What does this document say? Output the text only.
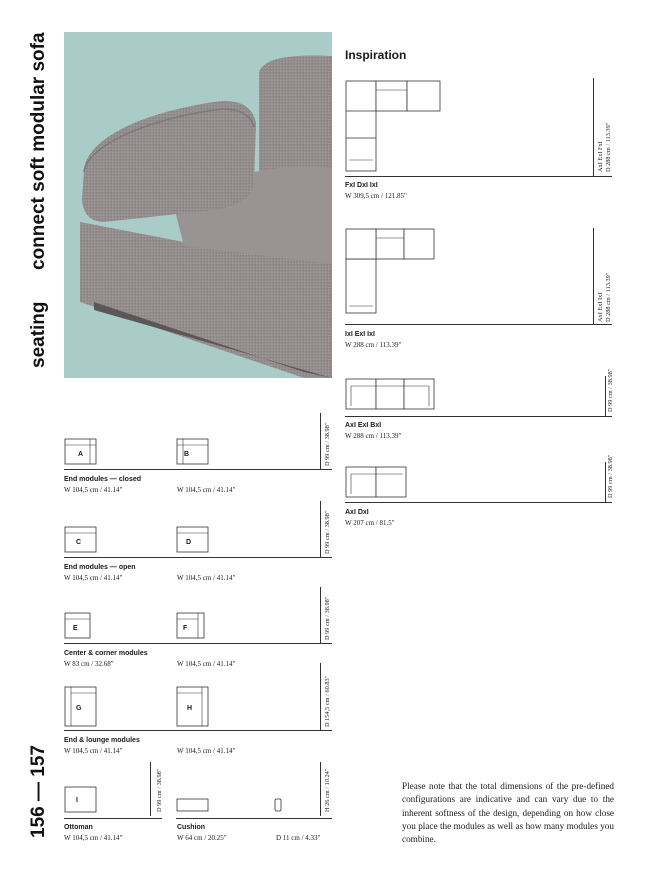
seating
connect soft modular sofa
156 — 157
Inspiration
AxI ExI FxI D 288 cm / 113.39"
FxI DxI IxI
W 309,5 cm / 121.85"
AxI ExI IxI D 288 cm / 113.39"
IxI ExI IxI
W 288 cm / 113.39"
D 99 cm / 38.98"
AxI ExI BxI
W 288 cm / 113.39"
D 99 cm / 38.98"
AxI DxI
W 207 cm / 81.5"
A	B	D 99 cm / 38.98"
End modules — closed
W 104,5 cm / 41.14"	W 104,5 cm / 41.14"
C	D	D 99 cm / 38.98"
End modules — open
W 104,5 cm / 41.14"	W 104,5 cm / 41.14"
E	F	D 99 cm / 38.98"
Center & corner modules
W 83 cm / 32.68"	W 104,5 cm / 41.14"
G	H	D 154,5 cm / 60.83"
End & lounge modules
W 104,5 cm / 41.14"	W 104,5 cm / 41.14"
I	D 99 cm / 38.98"
Ottoman
W 104,5 cm / 41.14"
H 26 cm / 10.24"
Cushion
W 64 cm / 20.25"	D 11 cm / 4.33"
Please note that the total dimensions of the pre-defined configurations are indicative and can vary due to the inherent softness of the design, depending on how close you place the modules as well as how many modules you combine.
